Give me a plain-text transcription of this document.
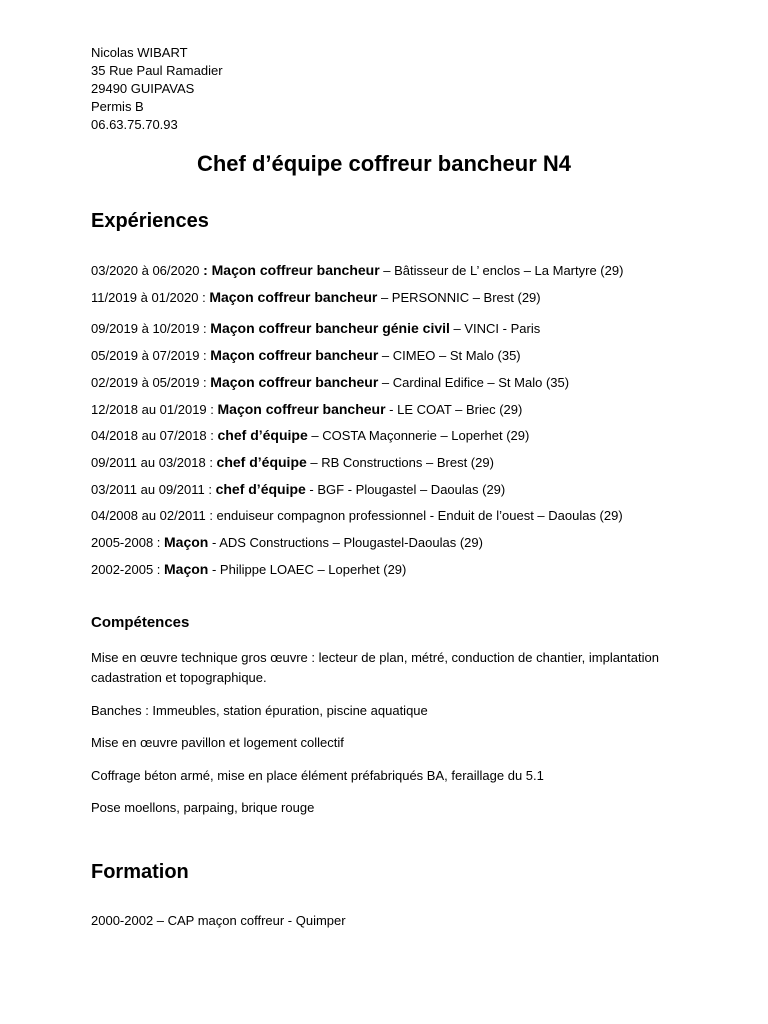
Nicolas WIBART
35 Rue Paul Ramadier
29490 GUIPAVAS
Permis B
06.63.75.70.93
Chef d’équipe coffreur bancheur N4
Expériences
03/2020 à 06/2020 : Maçon coffreur bancheur – Bâtisseur de L’ enclos – La Martyre (29)
11/2019 à 01/2020 : Maçon coffreur bancheur – PERSONNIC – Brest (29)
09/2019 à 10/2019 : Maçon coffreur bancheur génie civil – VINCI - Paris
05/2019 à 07/2019 : Maçon coffreur bancheur – CIMEO – St Malo (35)
02/2019 à 05/2019 : Maçon coffreur bancheur – Cardinal Edifice – St Malo (35)
12/2018 au 01/2019 : Maçon coffreur bancheur - LE COAT – Briec (29)
04/2018 au 07/2018 : chef d’équipe – COSTA Maçonnerie – Loperhet (29)
09/2011 au 03/2018 : chef d’équipe – RB Constructions – Brest (29)
03/2011 au 09/2011 : chef d’équipe - BGF - Plougastel – Daoulas (29)
04/2008 au 02/2011 : enduiseur compagnon professionnel - Enduit de l’ouest – Daoulas (29)
2005-2008 : Maçon - ADS Constructions – Plougastel-Daoulas (29)
2002-2005 : Maçon - Philippe LOAEC – Loperhet (29)
Compétences
Mise en œuvre technique gros œuvre : lecteur de plan, métré, conduction de chantier, implantation cadastration et topographique.
Banches : Immeubles, station épuration, piscine aquatique
Mise en œuvre pavillon et logement collectif
Coffrage béton armé, mise en place élément préfabriqués BA, feraillage du 5.1
Pose moellons, parpaing, brique rouge
Formation
2000-2002 – CAP maçon coffreur - Quimper
